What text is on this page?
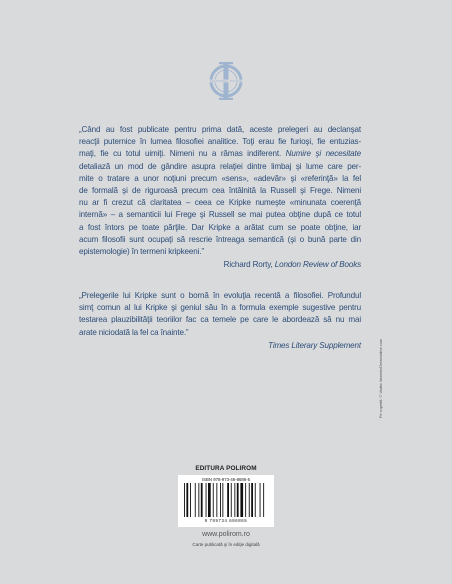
PHILOSOPHIA · POLIROM
„Când au fost publicate pentru prima dată, aceste prelegeri au declanşat
reacţii puternice în lumea filosofiei analitice. Toţi erau fie furioşi, fie entuzias-
maţi, fie cu totul uimiţi. Nimeni nu a rămas indiferent. Numire şi necesitate
detaliază un mod de gândire asupra relaţiei dintre limbaj şi lume care per-
mite o tratare a unor noţiuni precum «sens», «adevăr» şi «referinţă» la fel
de formală şi de riguroasă precum cea întâlnită la Russell şi Frege. Nimeni
nu ar fi crezut că claritatea – ceea ce Kripke numeşte «minunata coerenţă
internă» – a semanticii lui Frege şi Russell se mai putea obţine după ce totul
a fost întors pe toate părţile. Dar Kripke a arătat cum se poate obţine, iar
acum filosofii sunt ocupaţi să rescrie întreaga semantică (şi o bună parte din
epistemologie) în termeni kripkeeni.”
Richard Rorty, London Review of Books
„Prelegerile lui Kripke sunt o bornă în evoluţia recentă a filosofiei. Profundul
simţ comun al lui Kripke şi geniul său în a formula exemple sugestive pentru
testarea plauzibilităţii teoriilor fac ca temele pe care le abordează să nu mai
arate niciodată la fel ca înainte.”
Times Literary Supplement
EDITURA POLIROM
ISBN 978-973-46-8686-5
9 789734 686865
www.polirom.ro
Carte publicată şi în ediţie digitală
Pe copertă: © Vadim Vasenin/Dreamstime.com
